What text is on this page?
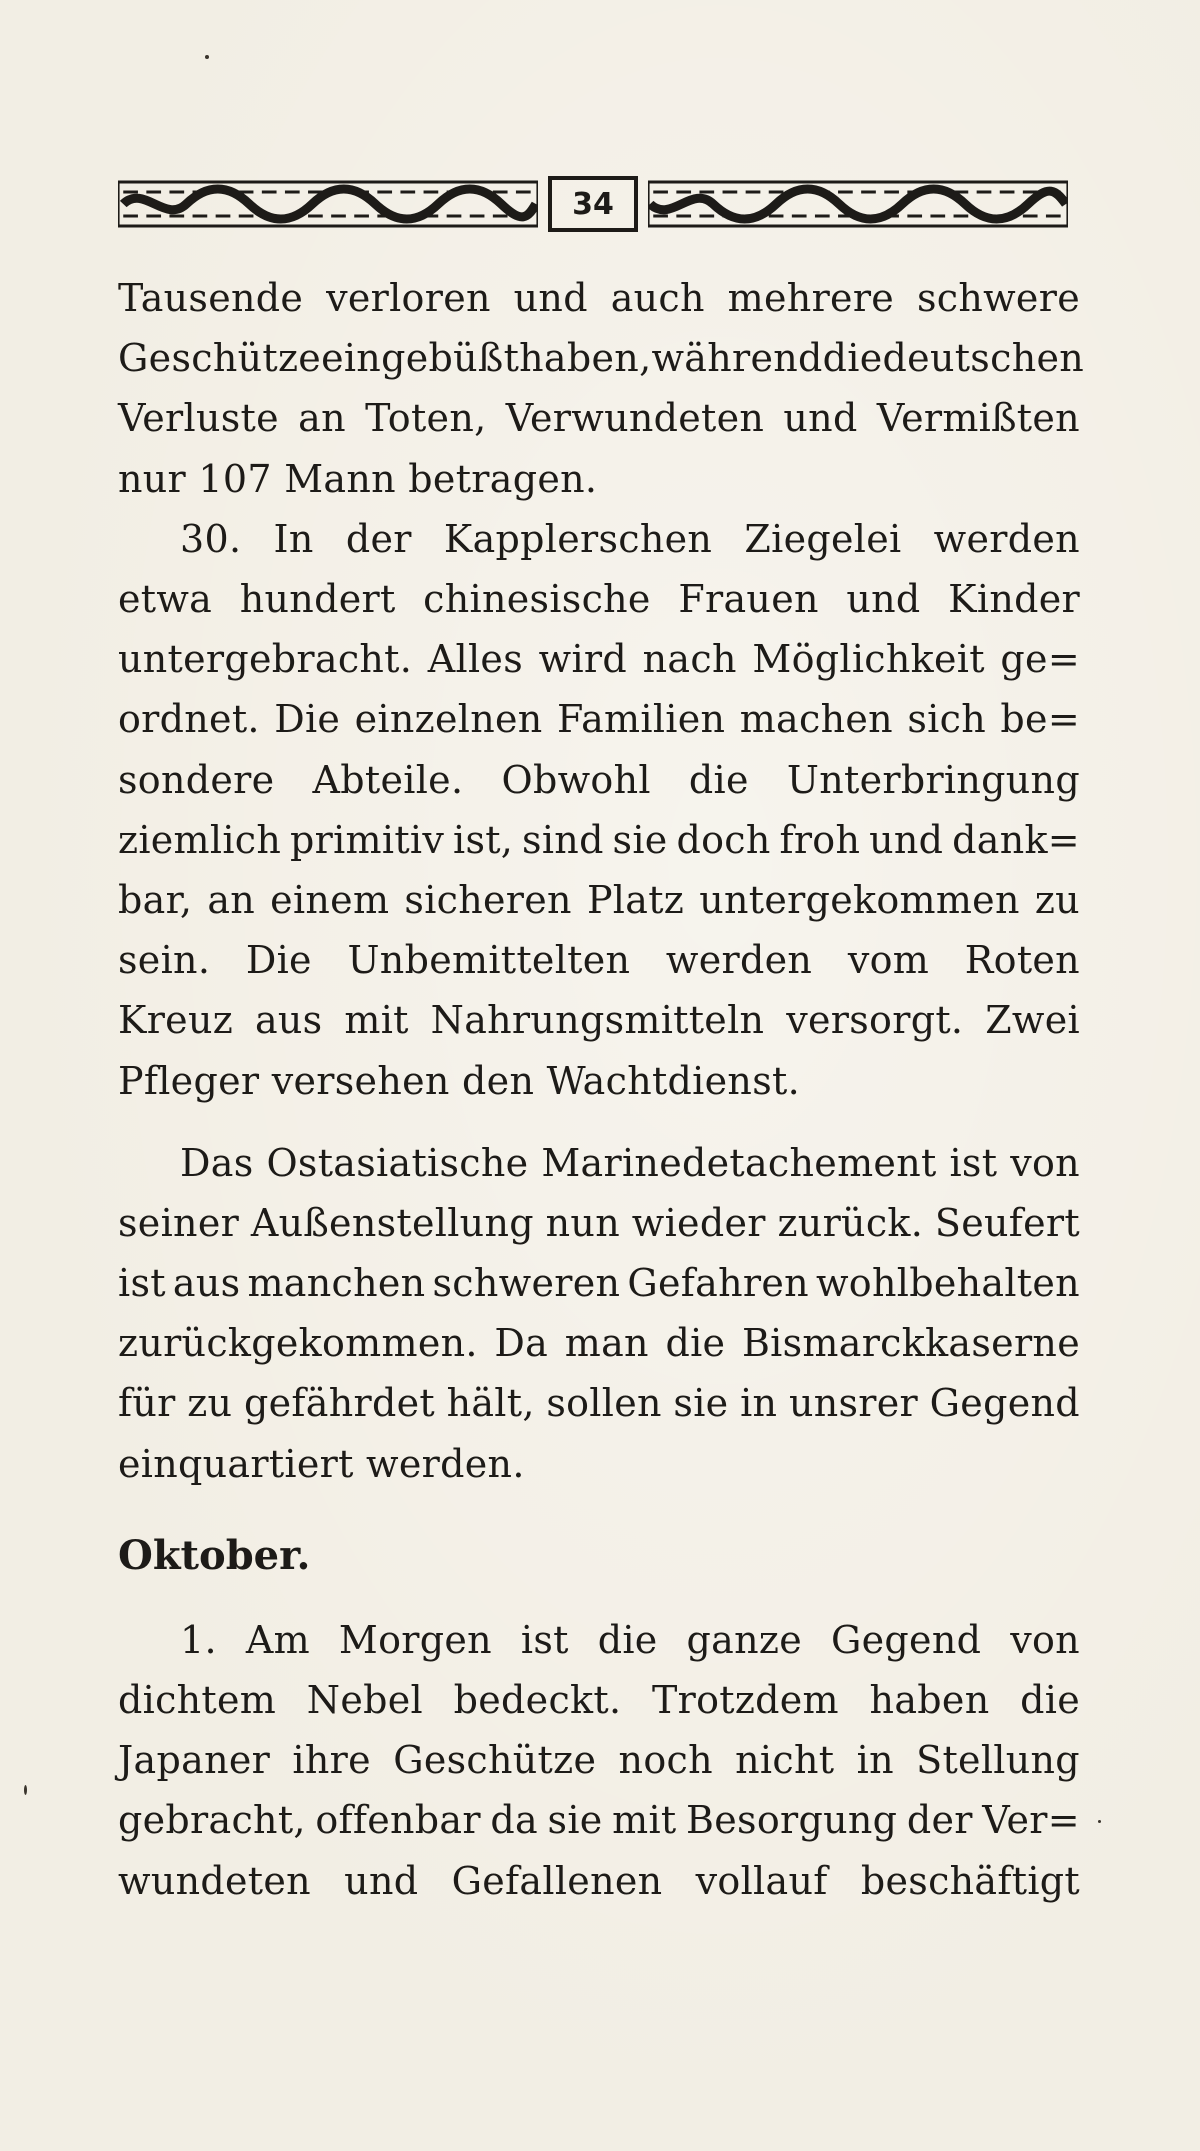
34
Tausende verloren und auch mehrere schwere
Geschütze eingebüßt haben, während die deutschen
Verluste an Toten, Verwundeten und Vermißten
nur 107 Mann betragen.
30. In der Kapplerschen Ziegelei werden
etwa hundert chinesische Frauen und Kinder
untergebracht. Alles wird nach Möglichkeit ge=
ordnet. Die einzelnen Familien machen sich be=
sondere Abteile. Obwohl die Unterbringung
ziemlich primitiv ist, sind sie doch froh und dank=
bar, an einem sicheren Platz untergekommen zu
sein. Die Unbemittelten werden vom Roten
Kreuz aus mit Nahrungsmitteln versorgt. Zwei
Pfleger versehen den Wachtdienst.
Das Ostasiatische Marinedetachement ist von
seiner Außenstellung nun wieder zurück. Seufert
ist aus manchen schweren Gefahren wohlbehalten
zurückgekommen. Da man die Bismarckkaserne
für zu gefährdet hält, sollen sie in unsrer Gegend
einquartiert werden.
Oktober.
1. Am Morgen ist die ganze Gegend von
dichtem Nebel bedeckt. Trotzdem haben die
Japaner ihre Geschütze noch nicht in Stellung
gebracht, offenbar da sie mit Besorgung der Ver=
wundeten und Gefallenen vollauf beschäftigt
